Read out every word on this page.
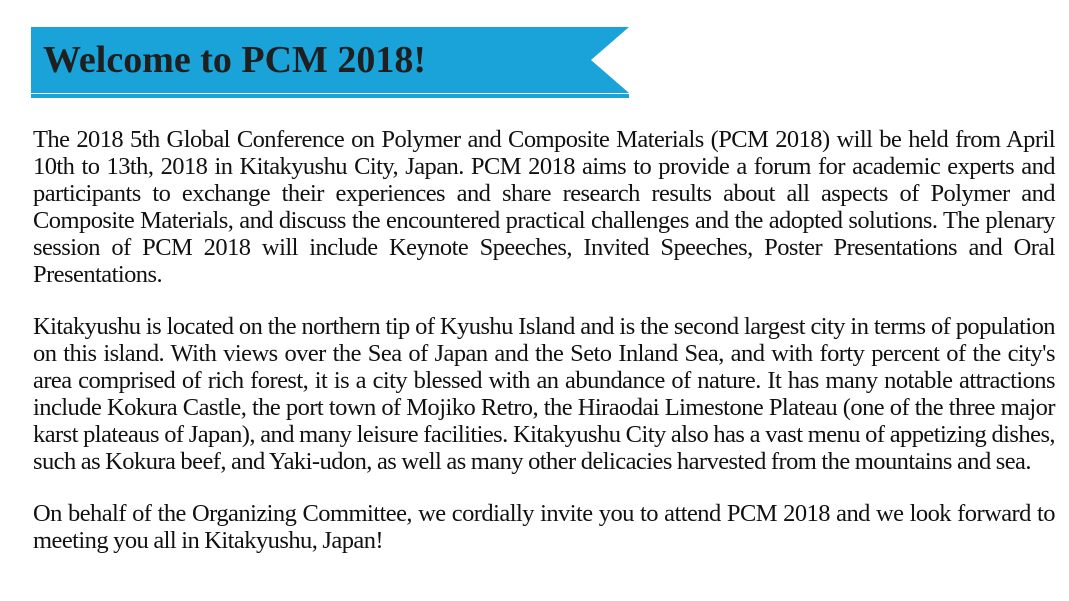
Welcome to PCM 2018!

The 2018 5th Global Conference on Polymer and Composite Materials (PCM 2018) will be held from April 10th to 13th, 2018 in Kitakyushu City, Japan. PCM 2018 aims to provide a forum for academic experts and participants to exchange their experiences and share research results about all aspects of Polymer and Composite Materials, and discuss the encountered practical challenges and the adopted solutions. The plenary session of PCM 2018 will include Keynote Speeches, Invited Speeches, Poster Presentations and Oral Presentations.

Kitakyushu is located on the northern tip of Kyushu Island and is the second largest city in terms of population on this island. With views over the Sea of Japan and the Seto Inland Sea, and with forty percent of the city's area comprised of rich forest, it is a city blessed with an abundance of nature. It has many notable attractions include Kokura Castle, the port town of Mojiko Retro, the Hiraodai Limestone Plateau (one of the three major karst plateaus of Japan), and many leisure facilities. Kitakyushu City also has a vast menu of appetizing dishes, such as Kokura beef, and Yaki-udon, as well as many other delicacies harvested from the mountains and sea.

On behalf of the Organizing Committee, we cordially invite you to attend PCM 2018 and we look forward to meeting you all in Kitakyushu, Japan!
